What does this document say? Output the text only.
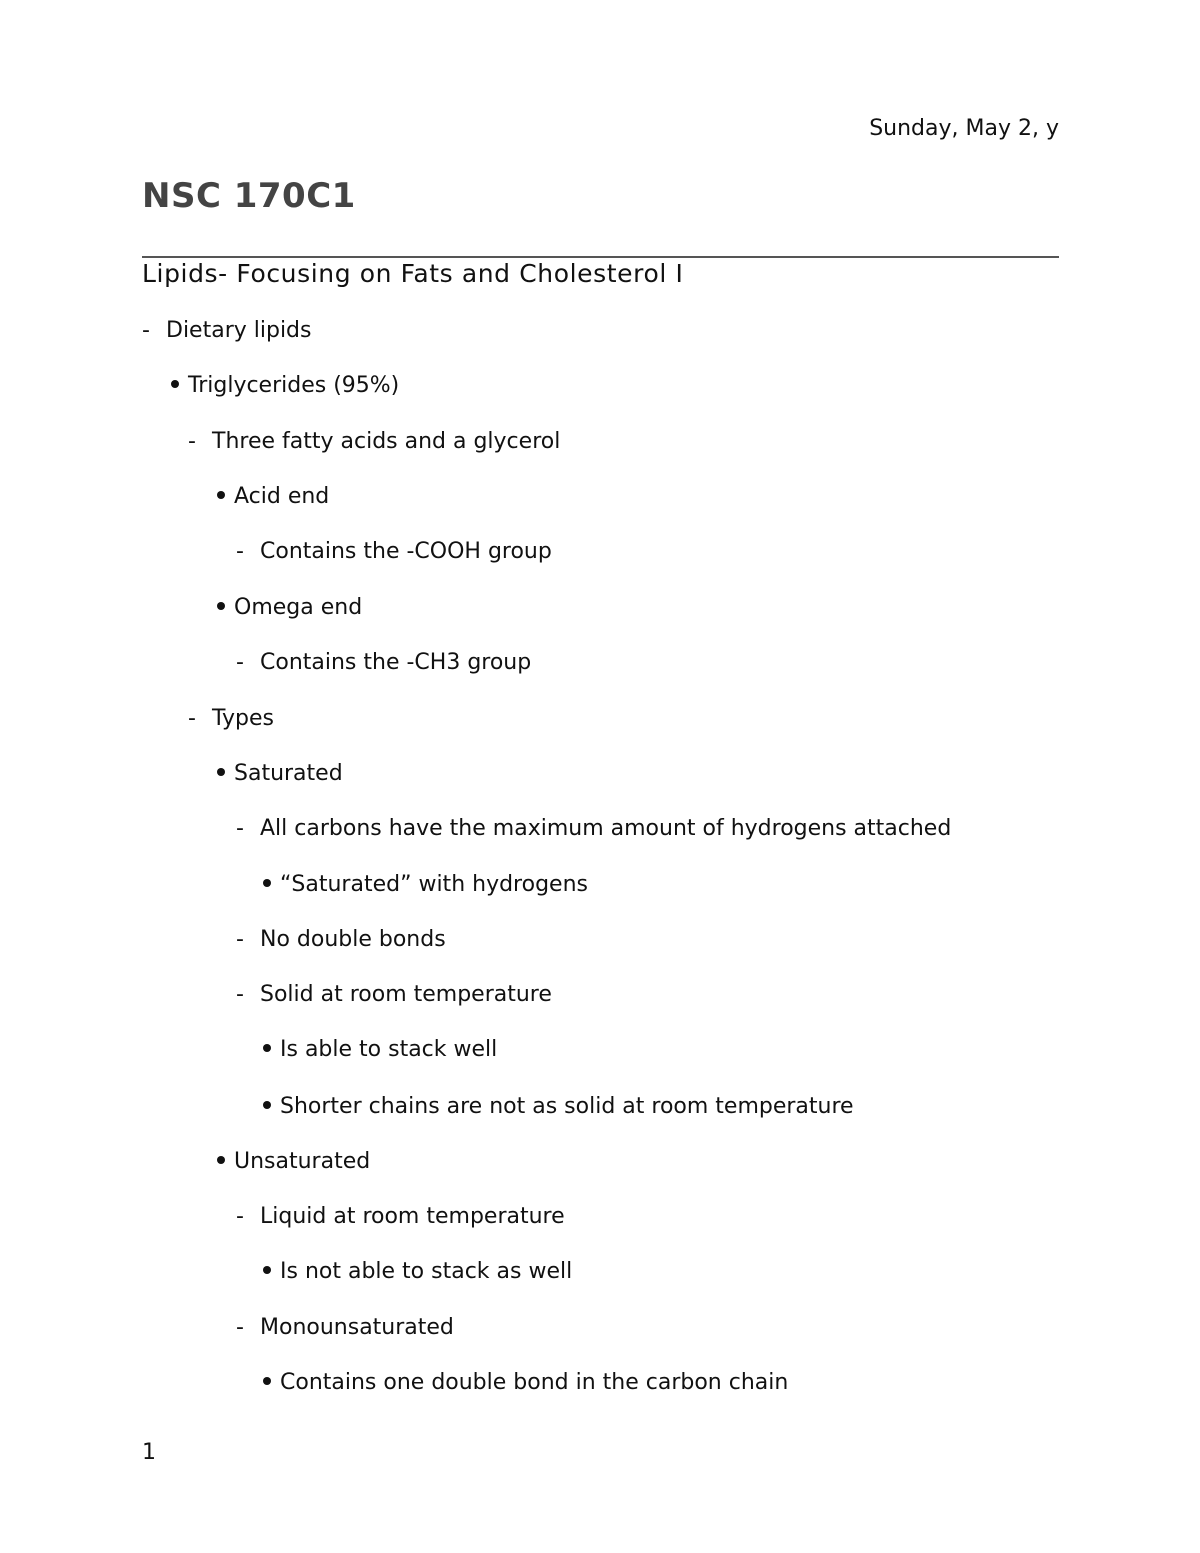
Sunday, May 2, y
NSC 170C1
Lipids- Focusing on Fats and Cholesterol I
-Dietary lipids
Triglycerides (95%)
-Three fatty acids and a glycerol
Acid end
-Contains the -COOH group
Omega end
-Contains the -CH3 group
-Types
Saturated
-All carbons have the maximum amount of hydrogens attached
“Saturated” with hydrogens
-No double bonds
-Solid at room temperature
Is able to stack well
Shorter chains are not as solid at room temperature
Unsaturated
-Liquid at room temperature
Is not able to stack as well
-Monounsaturated
Contains one double bond in the carbon chain
1
